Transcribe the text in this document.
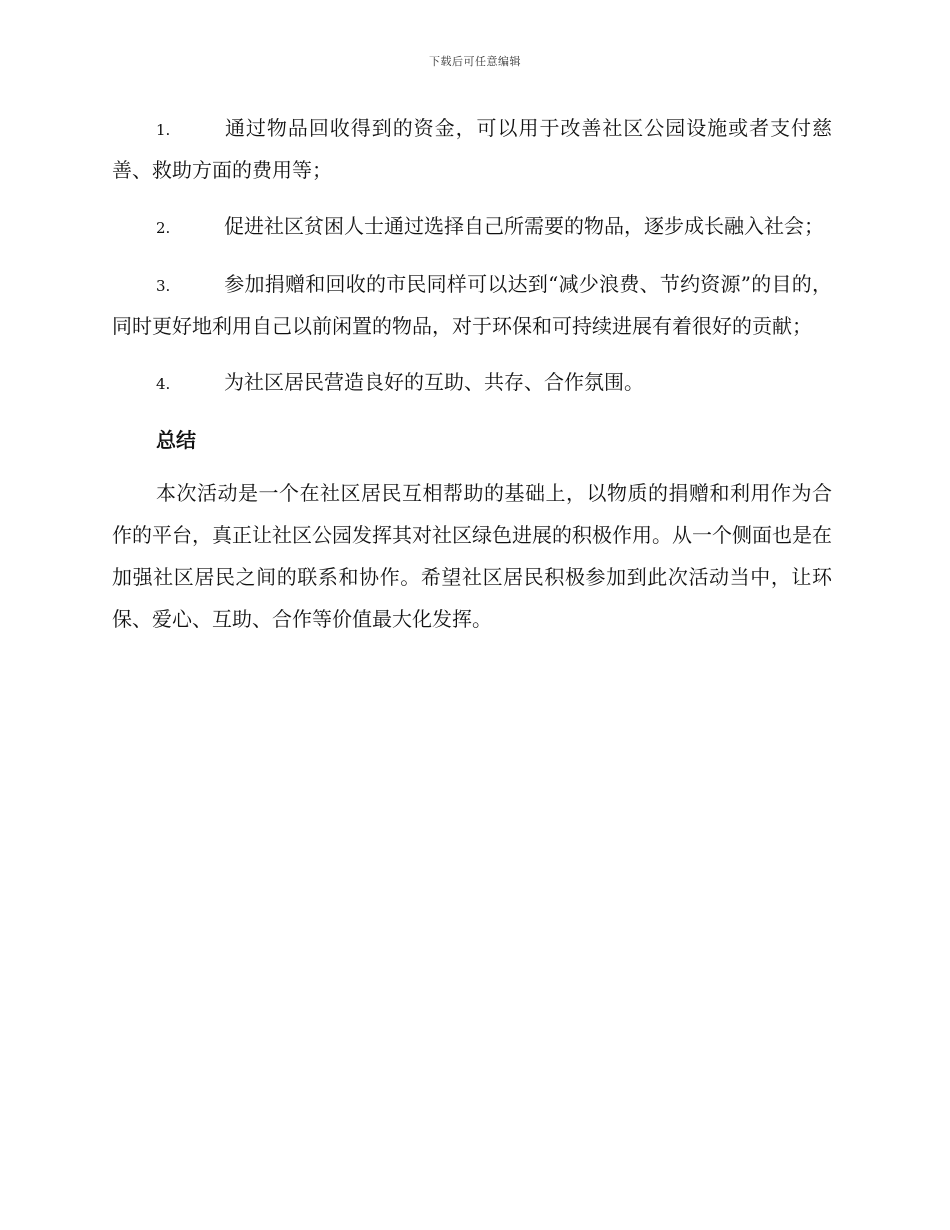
下载后可任意编辑

1.	通过物品回收得到的资金，可以用于改善社区公园设施或者支付慈善、救助方面的费用等；

2.	促进社区贫困人士通过选择自己所需要的物品，逐步成长融入社会；

3.	参加捐赠和回收的市民同样可以达到“减少浪费、节约资源”的目的，同时更好地利用自己以前闲置的物品，对于环保和可持续进展有着很好的贡献；

4.	为社区居民营造良好的互助、共存、合作氛围。

总结

本次活动是一个在社区居民互相帮助的基础上，以物质的捐赠和利用作为合作的平台，真正让社区公园发挥其对社区绿色进展的积极作用。从一个侧面也是在加强社区居民之间的联系和协作。希望社区居民积极参加到此次活动当中，让环保、爱心、互助、合作等价值最大化发挥。
